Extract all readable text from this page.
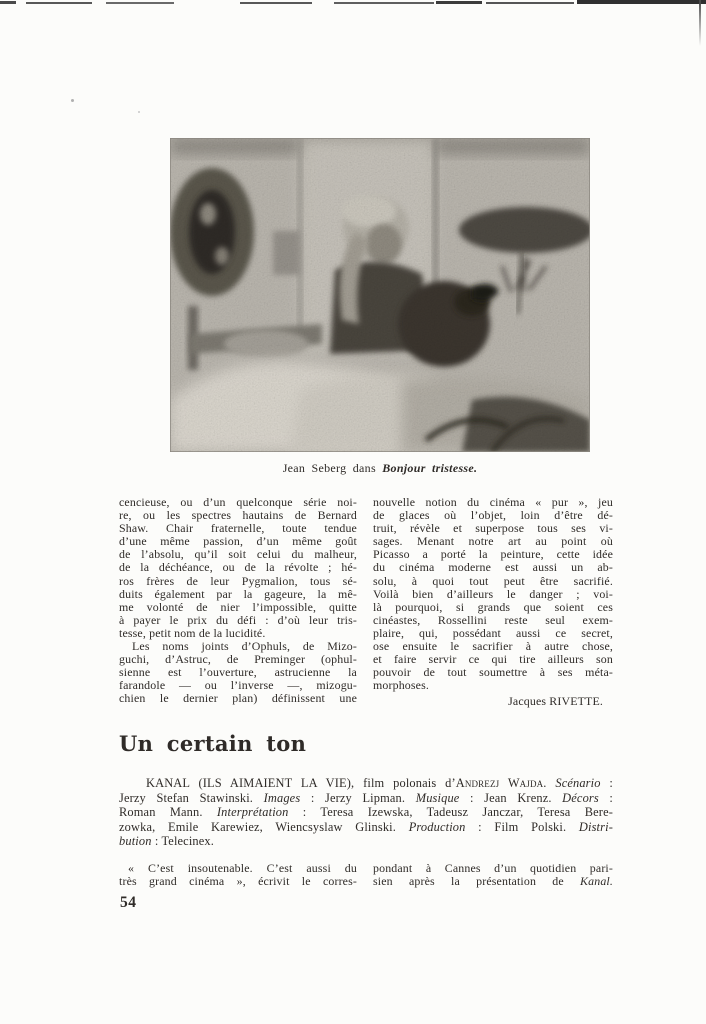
Jean Seberg dans Bonjour tristesse.
cencieuse, ou d’un quelconque série noi-
re, ou les spectres hautains de Bernard
Shaw. Chair fraternelle, toute tendue
d’une même passion, d’un même goût
de l’absolu, qu’il soit celui du malheur,
de la déchéance, ou de la révolte ; hé-
ros frères de leur Pygmalion, tous sé-
duits également par la gageure, la mê-
me volonté de nier l’impossible, quitte
à payer le prix du défi : d’où leur tris-
tesse, petit nom de la lucidité.
Les noms joints d’Ophuls, de Mizo-
guchi, d’Astruc, de Preminger (ophul-
sienne est l’ouverture, astrucienne la
farandole — ou l’inverse —, mizogu-
chien le dernier plan) définissent une
nouvelle notion du cinéma « pur », jeu
de glaces où l’objet, loin d’être dé-
truit, révèle et superpose tous ses vi-
sages. Menant notre art au point où
Picasso a porté la peinture, cette idée
du cinéma moderne est aussi un ab-
solu, à quoi tout peut être sacrifié.
Voilà bien d’ailleurs le danger ; voi-
là pourquoi, si grands que soient ces
cinéastes, Rossellini reste seul exem-
plaire, qui, possédant aussi ce secret,
ose ensuite le sacrifier à autre chose,
et faire servir ce qui tire ailleurs son
pouvoir de tout soumettre à ses méta-
morphoses.
Jacques RIVETTE.
Un certain ton
KANAL (ILS AIMAIENT LA VIE), film polonais d’Andrezj Wajda. Scénario :
Jerzy Stefan Stawinski. Images : Jerzy Lipman. Musique : Jean Krenz. Décors :
Roman Mann. Interprétation : Teresa Izewska, Tadeusz Janczar, Teresa Bere-
zowka, Emile Karewiez, Wiencsyslaw Glinski. Production : Film Polski. Distri-
bution : Telecinex.
« C’est insoutenable. C’est aussi du
très grand cinéma », écrivit le corres-
pondant à Cannes d’un quotidien pari-
sien après la présentation de Kanal.
54
